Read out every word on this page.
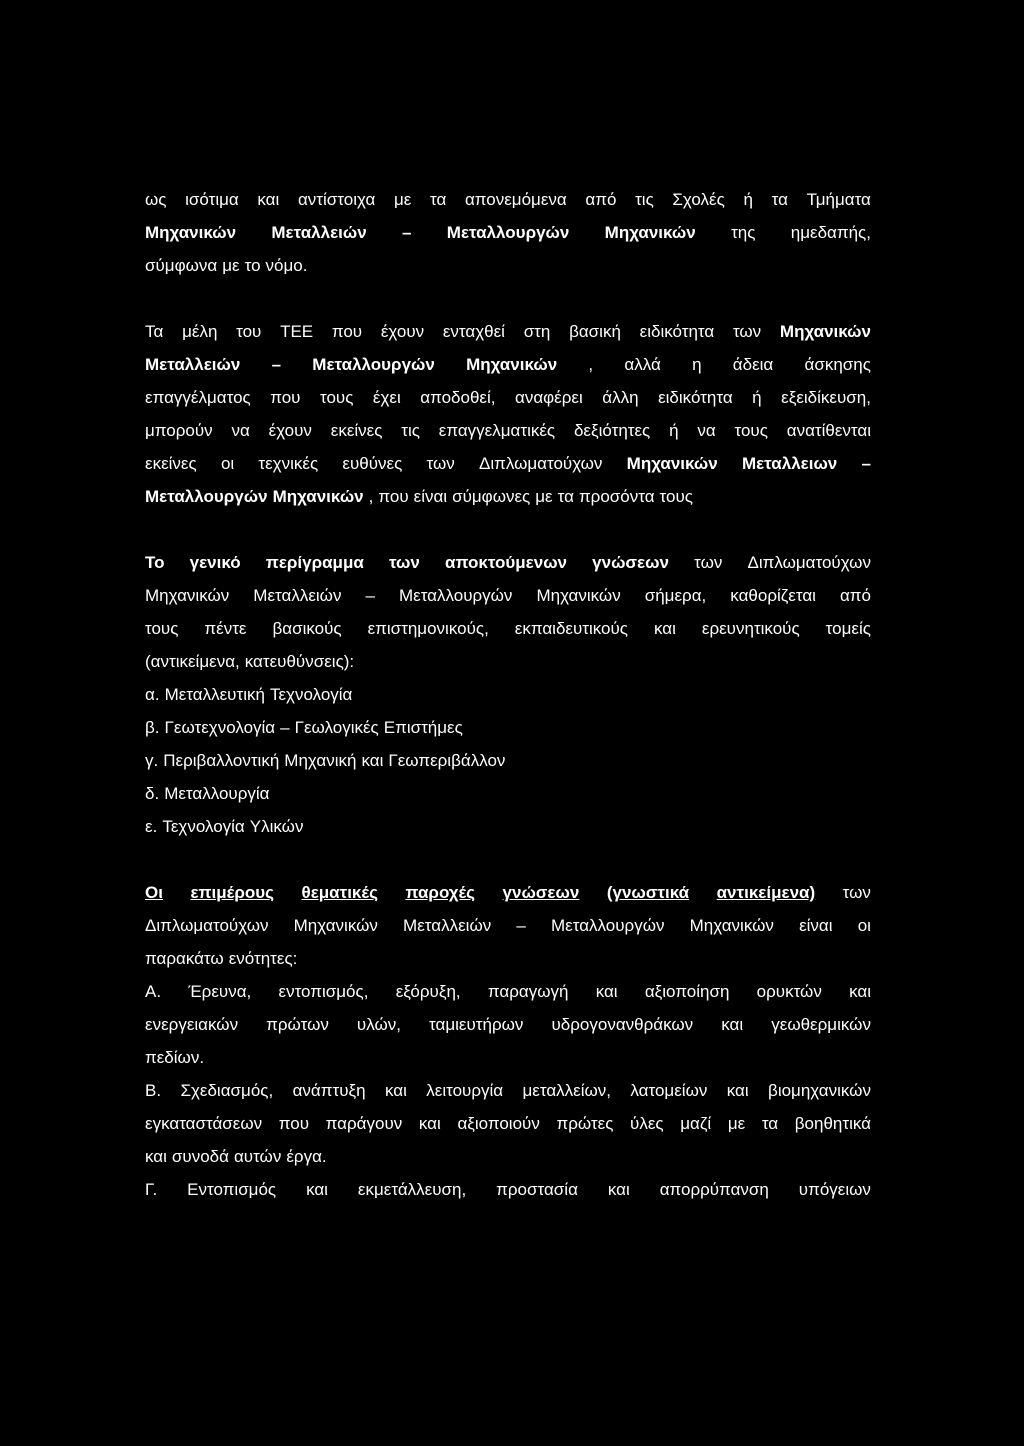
ως ισότιμα και αντίστοιχα με τα απονεμόμενα από τις Σχολές ή τα Τμήματα
Μηχανικών Μεταλλειών – Μεταλλουργών Μηχανικών της ημεδαπής,
σύμφωνα με το νόμο.
Τα μέλη του ΤΕΕ που έχουν ενταχθεί στη βασική ειδικότητα των Μηχανικών
Μεταλλειών – Μεταλλουργών Μηχανικών , αλλά η άδεια άσκησης
επαγγέλματος που τους έχει αποδοθεί, αναφέρει άλλη ειδικότητα ή εξειδίκευση,
μπορούν να έχουν εκείνες τις επαγγελματικές δεξιότητες ή να τους ανατίθενται
εκείνες οι τεχνικές ευθύνες των Διπλωματούχων Μηχανικών Μεταλλειων –
Μεταλλουργών Μηχανικών , που είναι σύμφωνες με τα προσόντα τους
Το γενικό περίγραμμα των αποκτούμενων γνώσεων των Διπλωματούχων
Μηχανικών Μεταλλειών – Μεταλλουργών Μηχανικών σήμερα, καθορίζεται από
τους πέντε βασικούς επιστημονικούς, εκπαιδευτικούς και ερευνητικούς τομείς
(αντικείμενα, κατευθύνσεις):
α. Μεταλλευτική Τεχνολογία
β. Γεωτεχνολογία – Γεωλογικές Επιστήμες
γ. Περιβαλλοντική Μηχανική και Γεωπεριβάλλον
δ. Μεταλλουργία
ε. Τεχνολογία Υλικών
Οι επιμέρους θεματικές παροχές γνώσεων (γνωστικά αντικείμενα) των
Διπλωματούχων Μηχανικών Μεταλλειών – Μεταλλουργών Μηχανικών είναι οι
παρακάτω ενότητες:
Α. Έρευνα, εντοπισμός, εξόρυξη, παραγωγή και αξιοποίηση ορυκτών και
ενεργειακών πρώτων υλών, ταμιευτήρων υδρογονανθράκων και γεωθερμικών
πεδίων.
Β. Σχεδιασμός, ανάπτυξη και λειτουργία μεταλλείων, λατομείων και βιομηχανικών
εγκαταστάσεων που παράγουν και αξιοποιούν πρώτες ύλες μαζί με τα βοηθητικά
και συνοδά αυτών έργα.
Γ. Εντοπισμός και εκμετάλλευση, προστασία και απορρύπανση υπόγειων
